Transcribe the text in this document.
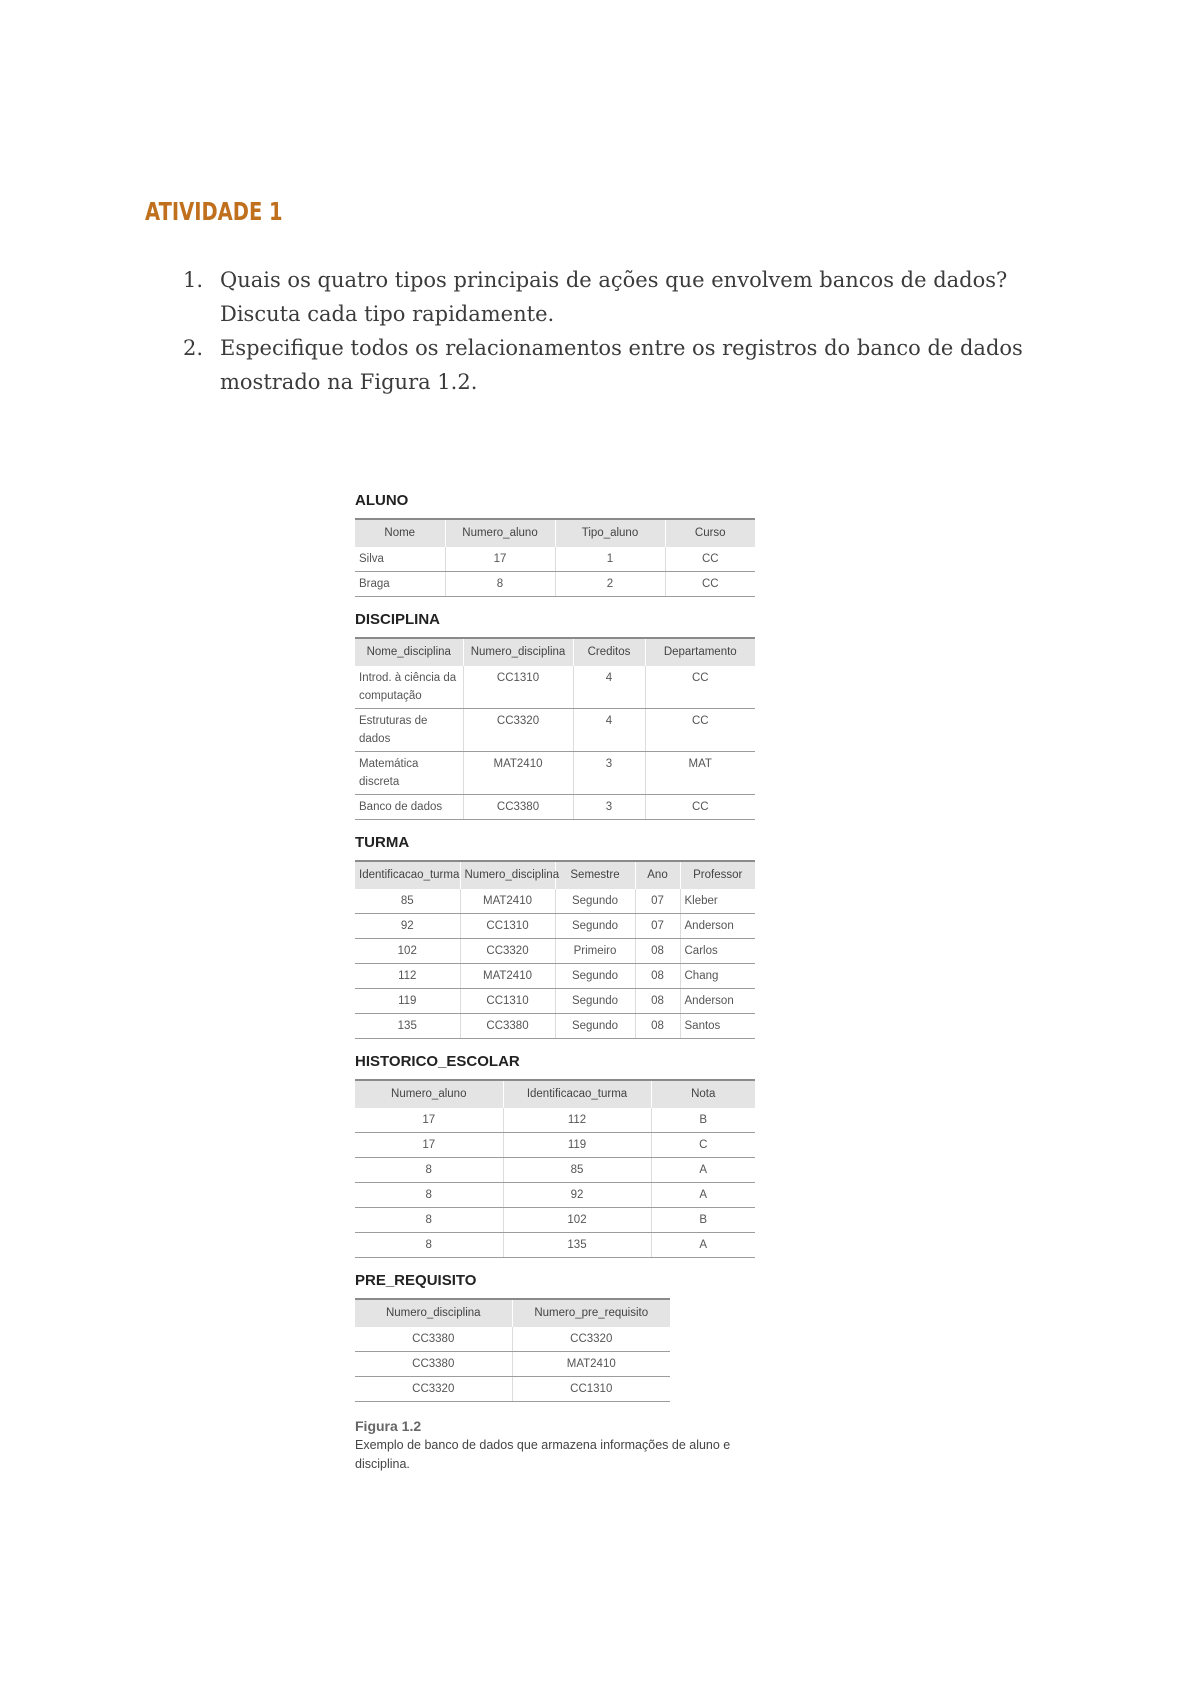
ATIVIDADE 1
1. Quais os quatro tipos principais de ações que envolvem bancos de dados? Discuta cada tipo rapidamente.
2. Especifique todos os relacionamentos entre os registros do banco de dados mostrado na Figura 1.2.
ALUNO
Nome	Numero_aluno	Tipo_aluno	Curso
Silva	17	1	CC
Braga	8	2	CC
DISCIPLINA
Nome_disciplina	Numero_disciplina	Creditos	Departamento
Introd. à ciência da computação	CC1310	4	CC
Estruturas de dados	CC3320	4	CC
Matemática discreta	MAT2410	3	MAT
Banco de dados	CC3380	3	CC
TURMA
Identificacao_turma	Numero_disciplina	Semestre	Ano	Professor
85	MAT2410	Segundo	07	Kleber
92	CC1310	Segundo	07	Anderson
102	CC3320	Primeiro	08	Carlos
112	MAT2410	Segundo	08	Chang
119	CC1310	Segundo	08	Anderson
135	CC3380	Segundo	08	Santos
HISTORICO_ESCOLAR
Numero_aluno	Identificacao_turma	Nota
17	112	B
17	119	C
8	85	A
8	92	A
8	102	B
8	135	A
PRE_REQUISITO
Numero_disciplina	Numero_pre_requisito
CC3380	CC3320
CC3380	MAT2410
CC3320	CC1310
Figura 1.2
Exemplo de banco de dados que armazena informações de aluno e disciplina.
